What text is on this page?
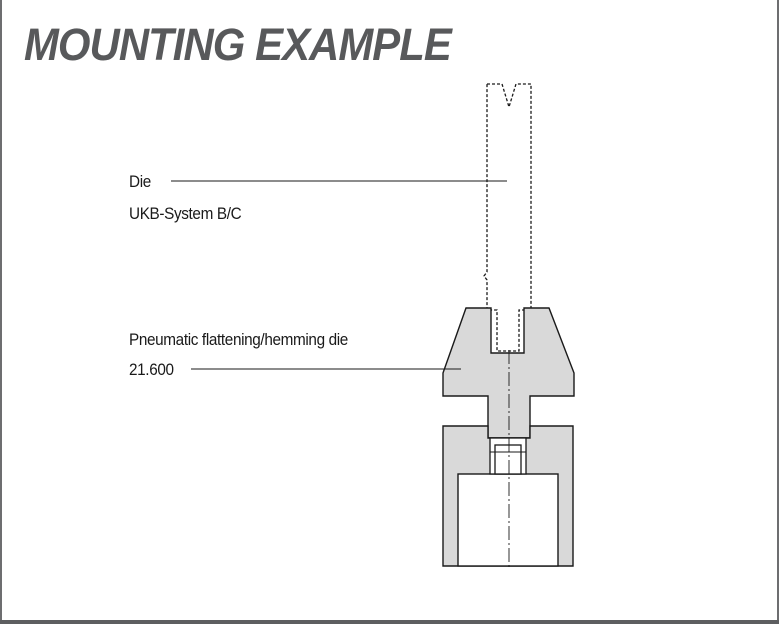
MOUNTING EXAMPLE
Die
UKB-System B/C
Pneumatic flattening/hemming die
21.600
